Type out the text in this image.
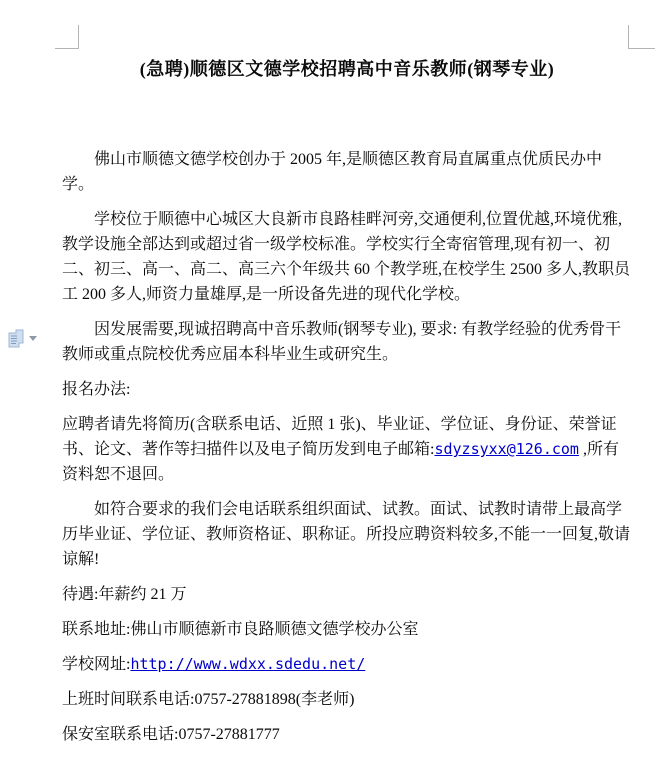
(急聘)顺德区文德学校招聘高中音乐教师(钢琴专业)

佛山市顺德文德学校创办于 2005 年,是顺德区教育局直属重点优质民办中学。

学校位于顺德中心城区大良新市良路桂畔河旁,交通便利,位置优越,环境优雅,教学设施全部达到或超过省一级学校标准。学校实行全寄宿管理,现有初一、初二、初三、高一、高二、高三六个年级共 60 个教学班,在校学生 2500 多人,教职员工 200 多人,师资力量雄厚,是一所设备先进的现代化学校。

因发展需要,现诚招聘高中音乐教师(钢琴专业), 要求: 有教学经验的优秀骨干教师或重点院校优秀应届本科毕业生或研究生。

报名办法:

应聘者请先将简历(含联系电话、近照 1 张)、毕业证、学位证、身份证、荣誉证书、论文、著作等扫描件以及电子简历发到电子邮箱:sdyzsyxx@126.com ,所有资料恕不退回。

如符合要求的我们会电话联系组织面试、试教。面试、试教时请带上最高学历毕业证、学位证、教师资格证、职称证。所投应聘资料较多,不能一一回复,敬请谅解!

待遇:年薪约 21 万

联系地址:佛山市顺德新市良路顺德文德学校办公室

学校网址:http://www.wdxx.sdedu.net/

上班时间联系电话:0757-27881898(李老师)

保安室联系电话:0757-27881777
